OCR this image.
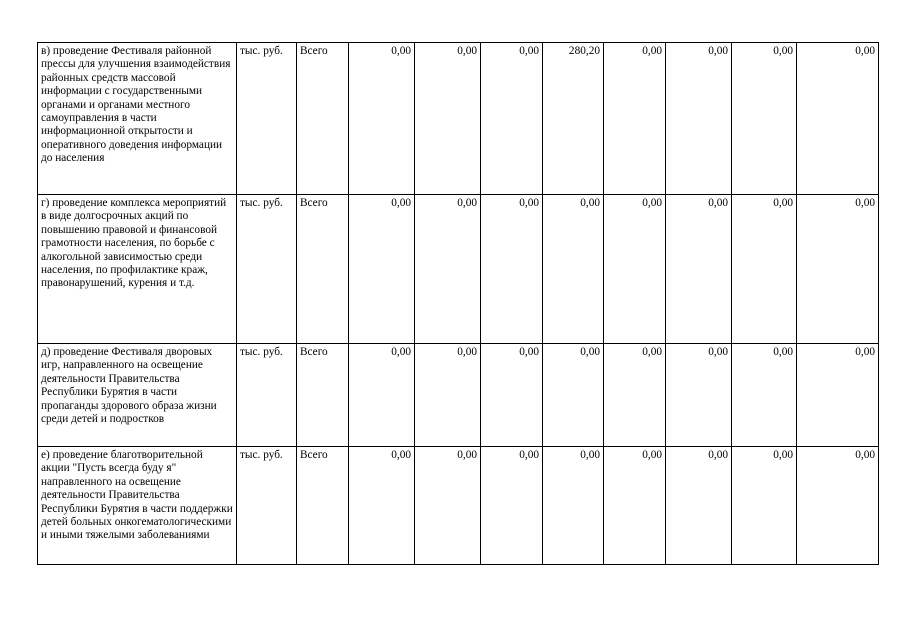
в) проведение Фестиваля районной прессы для улучшения взаимодействия районных средств массовой информации с государственными органами и органами местного самоуправления в части информационной открытости и оперативного доведения информации до населения	тыс. руб.	Всего	0,00	0,00	0,00	280,20	0,00	0,00	0,00	0,00
г) проведение комплекса мероприятий в виде долгосрочных акций по повышению правовой и финансовой грамотности населения, по борьбе с алкогольной зависимостью среди населения, по профилактике краж, правонарушений, курения и т.д.	тыс. руб.	Всего	0,00	0,00	0,00	0,00	0,00	0,00	0,00	0,00
д) проведение Фестиваля дворовых игр, направленного на освещение деятельности Правительства Республики Бурятия в части пропаганды здорового образа жизни среди детей и подростков	тыс. руб.	Всего	0,00	0,00	0,00	0,00	0,00	0,00	0,00	0,00
е) проведение благотворительной акции "Пусть всегда буду я" направленного на освещение деятельности Правительства Республики Бурятия в части поддержки детей больных онкогематологическими и иными тяжелыми заболеваниями	тыс. руб.	Всего	0,00	0,00	0,00	0,00	0,00	0,00	0,00	0,00
